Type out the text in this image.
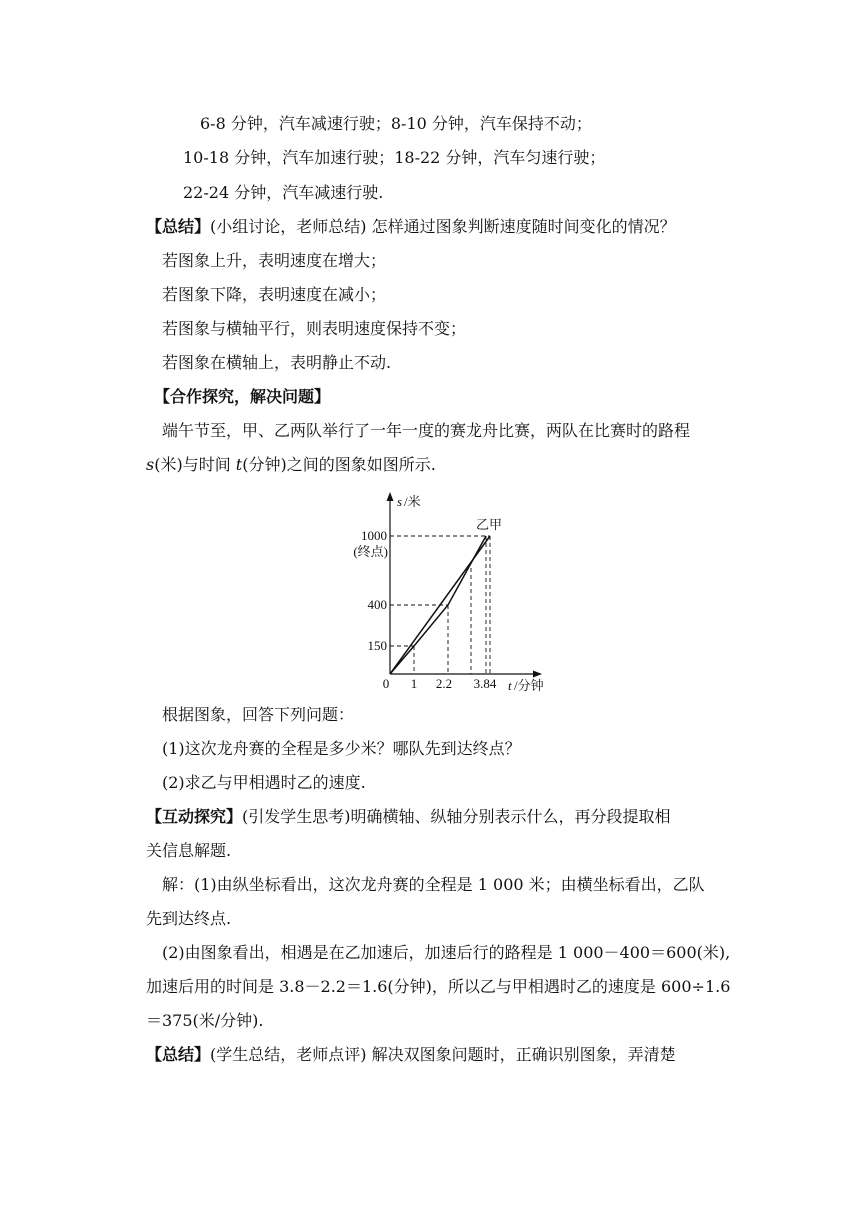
6-8 分钟，汽车减速行驶；8-10 分钟，汽车保持不动；
10-18 分钟，汽车加速行驶；18-22 分钟，汽车匀速行驶；
22-24 分钟，汽车减速行驶.
【总结】(小组讨论，老师总结) 怎样通过图象判断速度随时间变化的情况？
若图象上升，表明速度在增大；
若图象下降，表明速度在减小；
若图象与横轴平行，则表明速度保持不变；
若图象在横轴上，表明静止不动.
【合作探究，解决问题】
端午节至，甲、乙两队举行了一年一度的赛龙舟比赛，两队在比赛时的路程
s(米)与时间 t(分钟)之间的图象如图所示.
s /米
t /分钟
0 1 2.2 3.84
150
400
1000
(终点)
乙甲
根据图象，回答下列问题：
(1)这次龙舟赛的全程是多少米？哪队先到达终点？
(2)求乙与甲相遇时乙的速度.
【互动探究】(引发学生思考)明确横轴、纵轴分别表示什么，再分段提取相
关信息解题.
解：(1)由纵坐标看出，这次龙舟赛的全程是 1 000 米；由横坐标看出，乙队
先到达终点.
(2)由图象看出，相遇是在乙加速后，加速后行的路程是 1 000－400＝600(米),
加速后用的时间是 3.8－2.2＝1.6(分钟)，所以乙与甲相遇时乙的速度是 600÷1.6
＝375(米/分钟).
【总结】(学生总结，老师点评) 解决双图象问题时，正确识别图象，弄清楚
